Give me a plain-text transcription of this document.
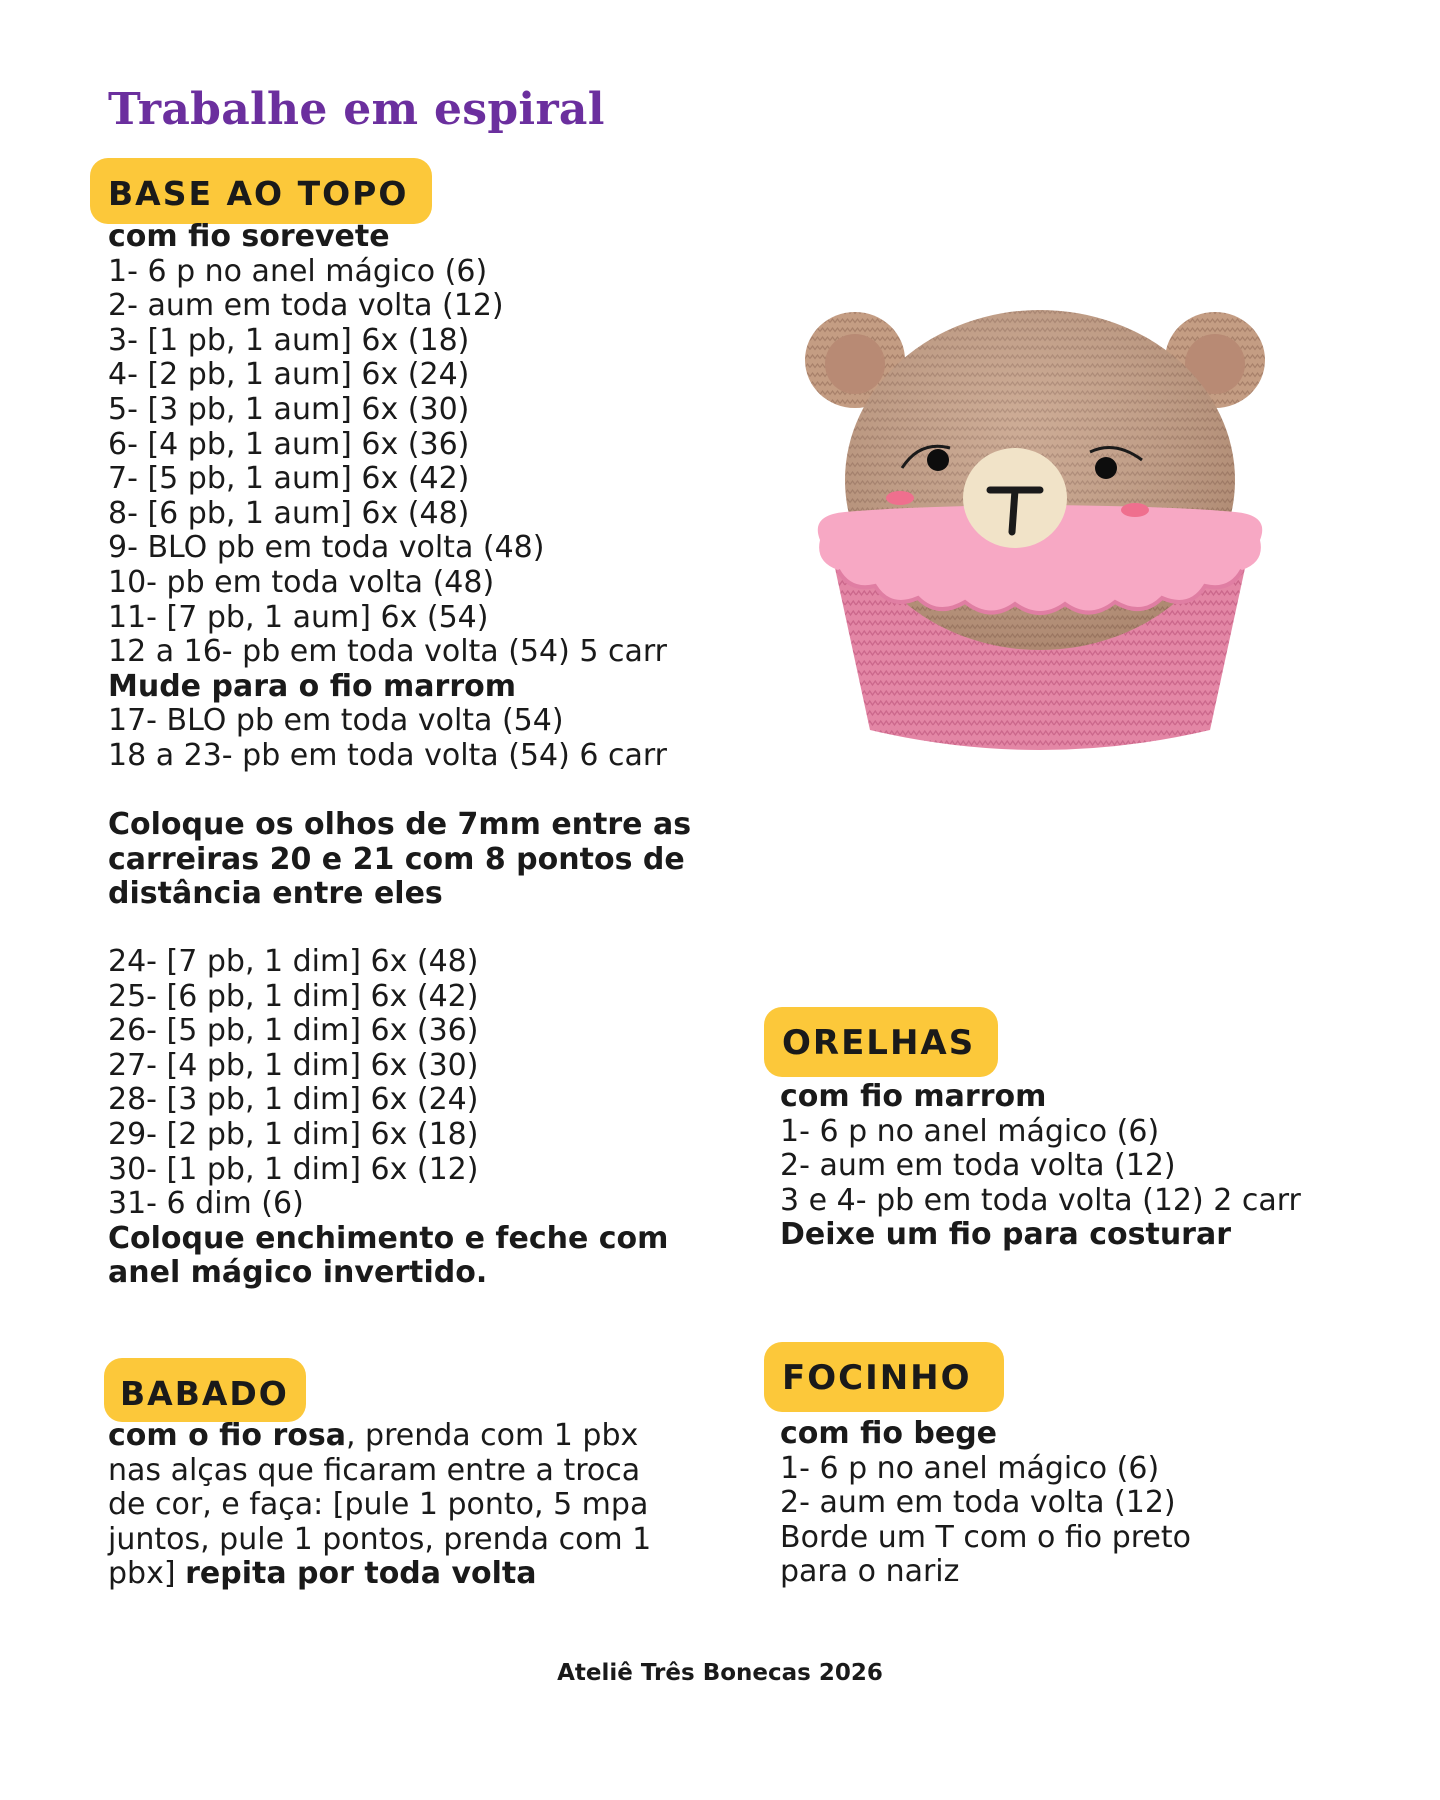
Trabalhe em espiral
BASE AO TOPO
com fio sorevete
1- 6 p no anel mágico (6)
2- aum em toda volta (12)
3- [1 pb, 1 aum] 6x (18)
4- [2 pb, 1 aum] 6x (24)
5- [3 pb, 1 aum] 6x (30)
6- [4 pb, 1 aum] 6x (36)
7- [5 pb, 1 aum] 6x (42)
8- [6 pb, 1 aum] 6x (48)
9- BLO pb em toda volta (48)
10- pb em toda volta (48)
11- [7 pb, 1 aum] 6x (54)
12 a 16- pb em toda volta (54) 5 carr
Mude para o fio marrom
17- BLO pb em toda volta (54)
18 a 23- pb em toda volta (54) 6 carr
Coloque os olhos de 7mm entre as
carreiras 20 e 21 com 8 pontos de
distância entre eles
24- [7 pb, 1 dim] 6x (48)
25- [6 pb, 1 dim] 6x (42)
26- [5 pb, 1 dim] 6x (36)
27- [4 pb, 1 dim] 6x (30)
28- [3 pb, 1 dim] 6x (24)
29- [2 pb, 1 dim] 6x (18)
30- [1 pb, 1 dim] 6x (12)
31- 6 dim (6)
Coloque enchimento e feche com
anel mágico invertido.
BABADO
com o fio rosa, prenda com 1 pbx
nas alças que ficaram entre a troca
de cor, e faça: [pule 1 ponto, 5 mpa
juntos, pule 1 pontos, prenda com 1
pbx] repita por toda volta
ORELHAS
com fio marrom
1- 6 p no anel mágico (6)
2- aum em toda volta (12)
3 e 4- pb em toda volta (12) 2 carr
Deixe um fio para costurar
FOCINHO
com fio bege
1- 6 p no anel mágico (6)
2- aum em toda volta (12)
Borde um T com o fio preto
para o nariz
Ateliê Três Bonecas 2026
